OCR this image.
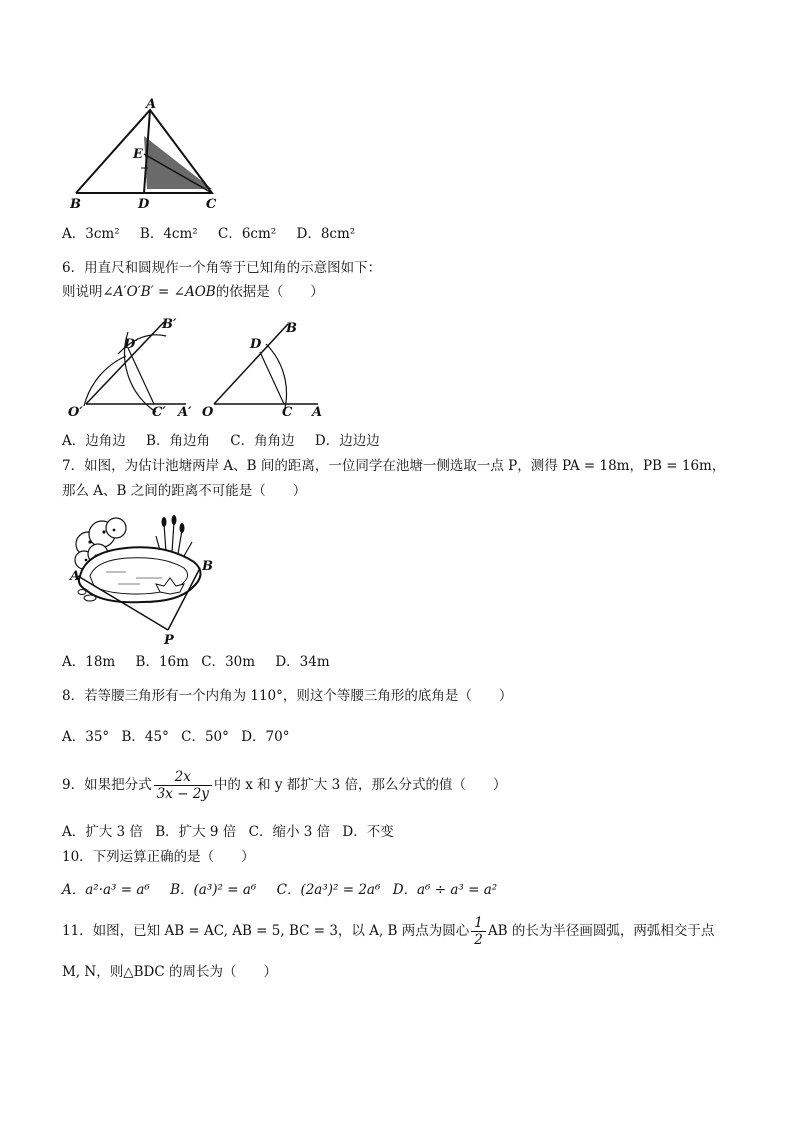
A
E
B	D	C
A．3cm² B．4cm² C．6cm² D．8cm²
6．用直尺和圆规作一个角等于已知角的示意图如下：
则说明∠A′O′B′ = ∠AOB的依据是（　　）
O′	C′ A′
D′
B′
O	C A
D
B
A．边角边 B．角边角 C．角角边 D．边边边
7．如图，为估计池塘两岸 A、B 间的距离，一位同学在池塘一侧选取一点 P，测得 PA = 18m，PB = 16m，
那么 A、B 之间的距离不可能是（　　）
A
B
P
A．18m B．16m C．30m D．34m
8．若等腰三角形有一个内角为 110°，则这个等腰三角形的底角是（　　）
A．35° B．45° C．50° D．70°
9．如果把分式 $\frac{2x}{3x - 2y}$ 中的 x 和 y 都扩大 3 倍，那么分式的值（　　）
A．扩大 3 倍 B．扩大 9 倍 C．缩小 3 倍 D．不变
10．下列运算正确的是（　　）
A．a²·a³ = a⁶ B．(a³)² = a⁶ C．(2a³)² = 2a⁶ D．a⁶ ÷ a³ = a²
11．如图，已知 AB = AC, AB = 5, BC = 3，以 A, B 两点为圆心 $\frac{1}{2}$ AB 的长为半径画圆弧，两弧相交于点
M, N，则△BDC 的周长为（　　）
